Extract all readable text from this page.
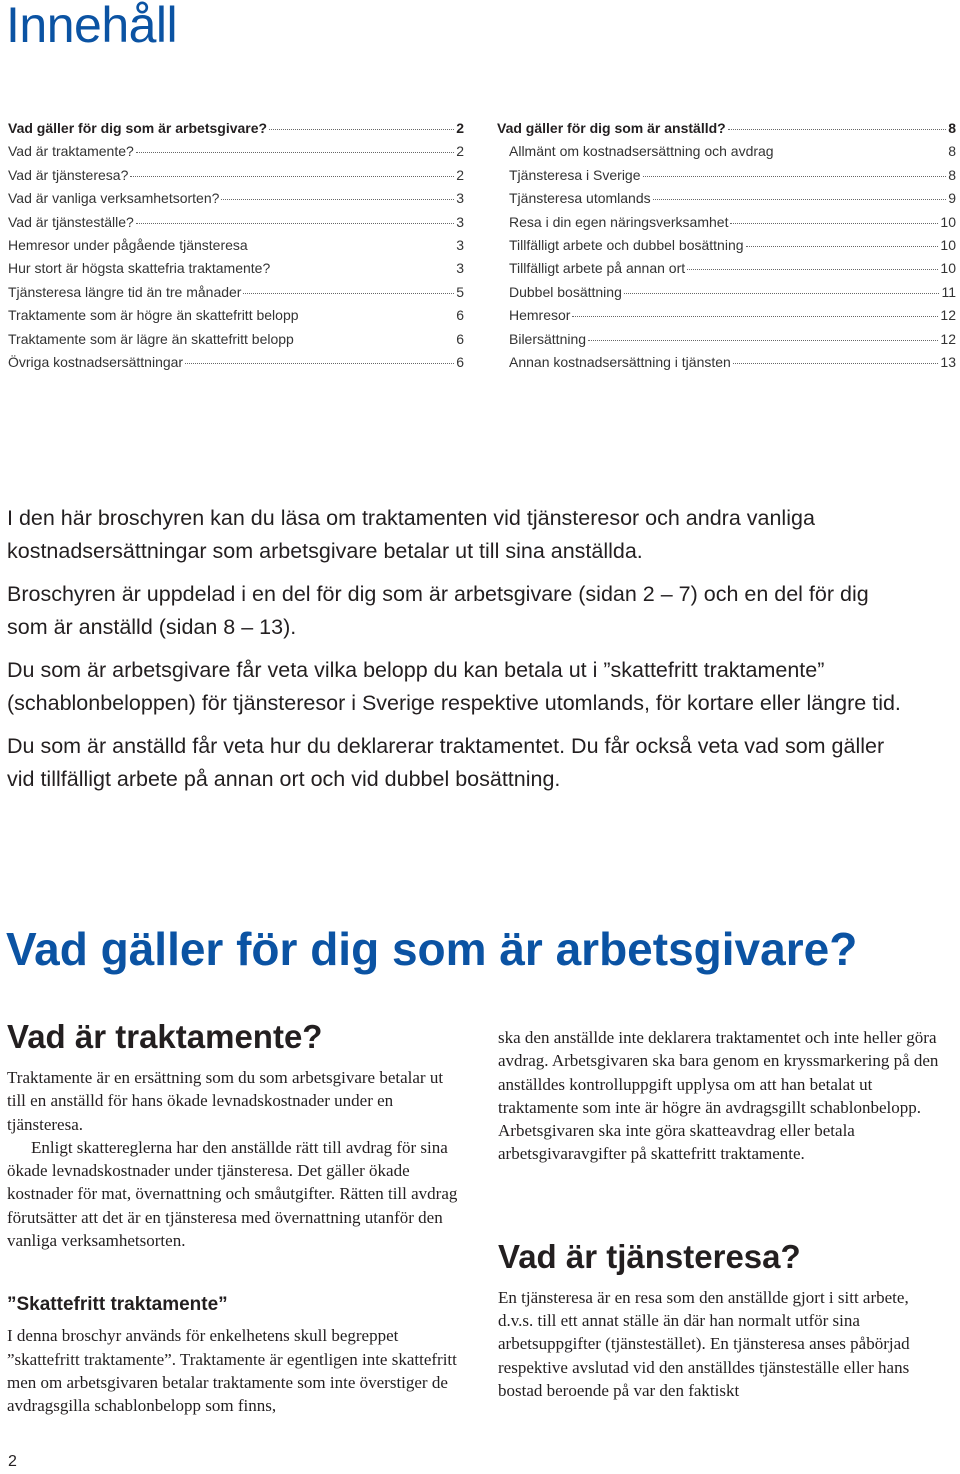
Innehåll
Vad gäller för dig som är arbetsgivare?	2
Vad är traktamente?	2
Vad är tjänsteresa?	2
Vad är vanliga verksamhetsorten?	3
Vad är tjänsteställe?	3
Hemresor under pågående tjänsteresa	3
Hur stort är högsta skattefria traktamente?	3
Tjänsteresa längre tid än tre månader	5
Traktamente som är högre än skattefritt belopp	6
Traktamente som är lägre än skattefritt belopp	6
Övriga kostnadsersättningar	6
Vad gäller för dig som är anställd?	8
Allmänt om kostnadsersättning och avdrag	8
Tjänsteresa i Sverige	8
Tjänsteresa utomlands	9
Resa i din egen näringsverksamhet	10
Tillfälligt arbete och dubbel bosättning	10
Tillfälligt arbete på annan ort	10
Dubbel bosättning	11
Hemresor	12
Bilersättning	12
Annan kostnadsersättning i tjänsten	13

I den här broschyren kan du läsa om traktamenten vid tjänsteresor och andra vanliga kostnadsersättningar som arbetsgivare betalar ut till sina anställda.

Broschyren är uppdelad i en del för dig som är arbetsgivare (sidan 2 – 7) och en del för dig som är anställd (sidan 8 – 13).

Du som är arbetsgivare får veta vilka belopp du kan betala ut i ”skattefritt traktamente” (schablonbeloppen) för tjänsteresor i Sverige respektive utomlands, för kortare eller längre tid.

Du som är anställd får veta hur du deklarerar traktamentet. Du får också veta vad som gäller vid tillfälligt arbete på annan ort och vid dubbel bosättning.

Vad gäller för dig som är arbetsgivare?
Vad är traktamente?

Traktamente är en ersättning som du som arbetsgivare betalar ut till en anställd för hans ökade levnadskostnader under en tjänsteresa.

Enligt skattereglerna har den anställde rätt till avdrag för sina ökade levnadskostnader under tjänsteresa. Det gäller ökade kostnader för mat, övernattning och småutgifter. Rätten till avdrag förutsätter att det är en tjänsteresa med övernattning utanför den vanliga verksamhetsorten.

”Skattefritt traktamente”

I denna broschyr används för enkelhetens skull begreppet ”skattefritt traktamente”. Traktamente är egentligen inte skattefritt men om arbetsgivaren betalar traktamente som inte överstiger de avdragsgilla schablonbelopp som finns,

ska den anställde inte deklarera traktamentet och inte heller göra avdrag. Arbetsgivaren ska bara genom en kryssmarkering på den anställdes kontrolluppgift upplysa om att han betalat ut traktamente som inte är högre än avdragsgillt schablonbelopp. Arbetsgivaren ska inte göra skatteavdrag eller betala arbetsgivaravgifter på skattefritt traktamente.

Vad är tjänsteresa?

En tjänsteresa är en resa som den anställde gjort i sitt arbete, d.v.s. till ett annat ställe än där han normalt utför sina arbetsuppgifter (tjänstestället). En tjänsteresa anses påbörjad respektive avslutad vid den anställdes tjänsteställe eller hans bostad beroende på var den faktiskt

2
